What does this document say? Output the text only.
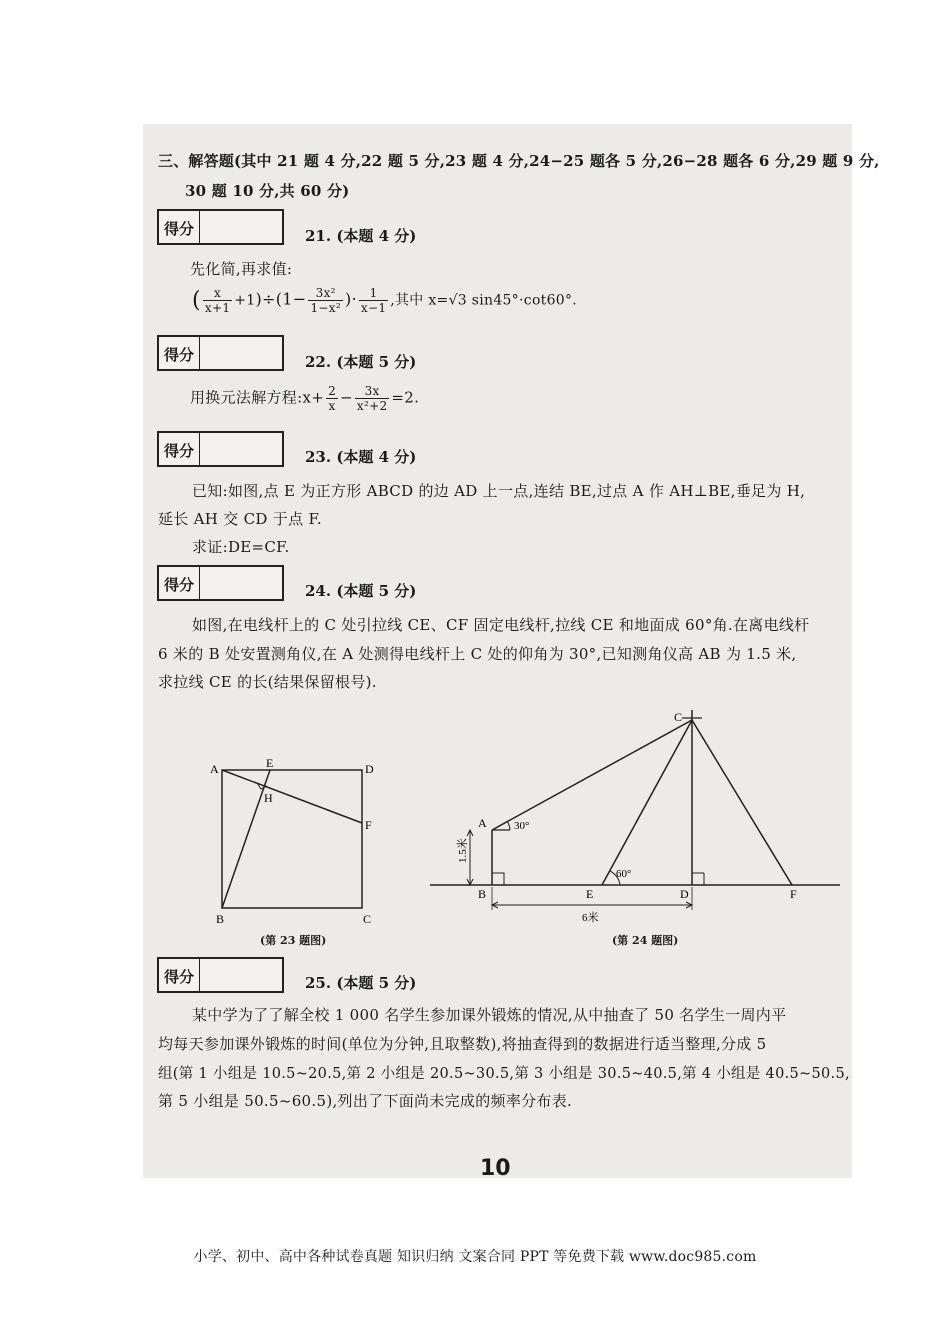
三、解答题(其中 21 题 4 分,22 题 5 分,23 题 4 分,24−25 题各 5 分,26−28 题各 6 分,29 题 9 分,
30 题 10 分,共 60 分)
得分	21. (本题 4 分)
先化简,再求值:
( $\frac{x}{x+1} +1)\div(1- \frac{\text{3x²}}{\text{1−x²}}$ )· $\frac{1}{x-1}$ ,其中 x=√3 sin45°·cot60°.
得分	22. (本题 5 分)
用换元法解方程:x+ $\frac{2}{x} - \frac{3x}{\text{x²+2}} =2$.
得分	23. (本题 4 分)
已知:如图,点 E 为正方形 ABCD 的边 AD 上一点,连结 BE,过点 A 作 AH⊥BE,垂足为 H,
延长 AH 交 CD 于点 F.
求证:DE=CF.
得分	24. (本题 5 分)
如图,在电线杆上的 C 处引拉线 CE、CF 固定电线杆,拉线 CE 和地面成 60°角.在离电线杆
6 米的 B 处安置测角仪,在 A 处测得电线杆上 C 处的仰角为 30°,已知测角仪高 AB 为 1.5 米,
求拉线 CE 的长(结果保留根号).
A	E	D
H
F
B	C
(第 23 题图)
A 30°
C
60°
B	E	D	F
6米
1.5米
(第 24 题图)
得分	25. (本题 5 分)
某中学为了了解全校 1 000 名学生参加课外锻炼的情况,从中抽查了 50 名学生一周内平
均每天参加课外锻炼的时间(单位为分钟,且取整数),将抽查得到的数据进行适当整理,分成 5
组(第 1 小组是 10.5~20.5,第 2 小组是 20.5~30.5,第 3 小组是 30.5~40.5,第 4 小组是 40.5~50.5,
第 5 小组是 50.5~60.5),列出了下面尚未完成的频率分布表.
10
小学、初中、高中各种试卷真题 知识归纳 文案合同 PPT 等免费下载 www.doc985.com
